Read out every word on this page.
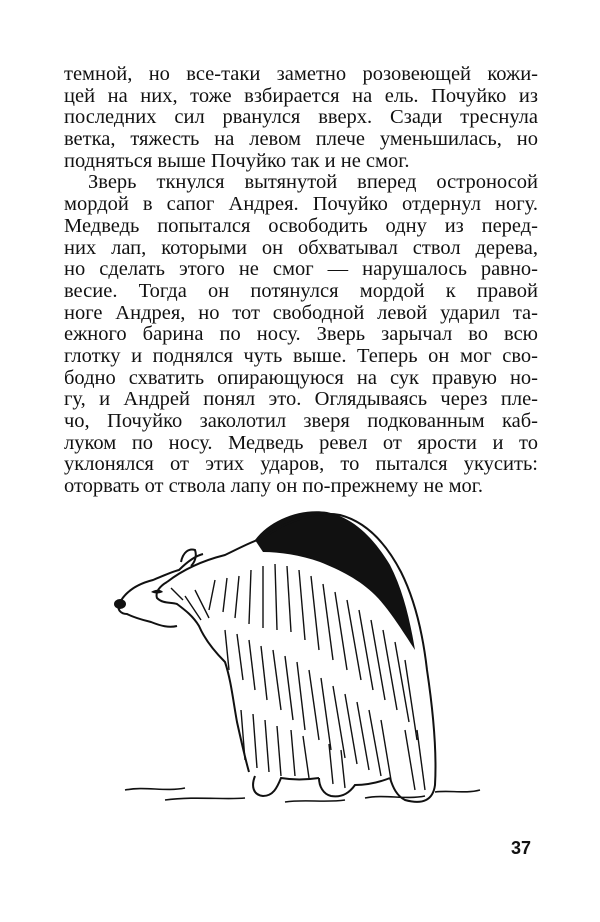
темной, но все-таки заметно розовеющей кожи-
цей на них, тоже взбирается на ель. Почуйко из
последних сил рванулся вверх. Сзади треснула
ветка, тяжесть на левом плече уменьшилась, но
подняться выше Почуйко так и не смог.
Зверь ткнулся вытянутой вперед остроносой
мордой в сапог Андрея. Почуйко отдернул ногу.
Медведь попытался освободить одну из перед-
них лап, которыми он обхватывал ствол дерева,
но сделать этого не смог — нарушалось равно-
весие. Тогда он потянулся мордой к правой
ноге Андрея, но тот свободной левой ударил та-
ежного барина по носу. Зверь зарычал во всю
глотку и поднялся чуть выше. Теперь он мог сво-
бодно схватить опирающуюся на сук правую но-
гу, и Андрей понял это. Оглядываясь через пле-
чо, Почуйко заколотил зверя подкованным каб-
луком по носу. Медведь ревел от ярости и то
уклонялся от этих ударов, то пытался укусить:
оторвать от ствола лапу он по-прежнему не мог.
37
